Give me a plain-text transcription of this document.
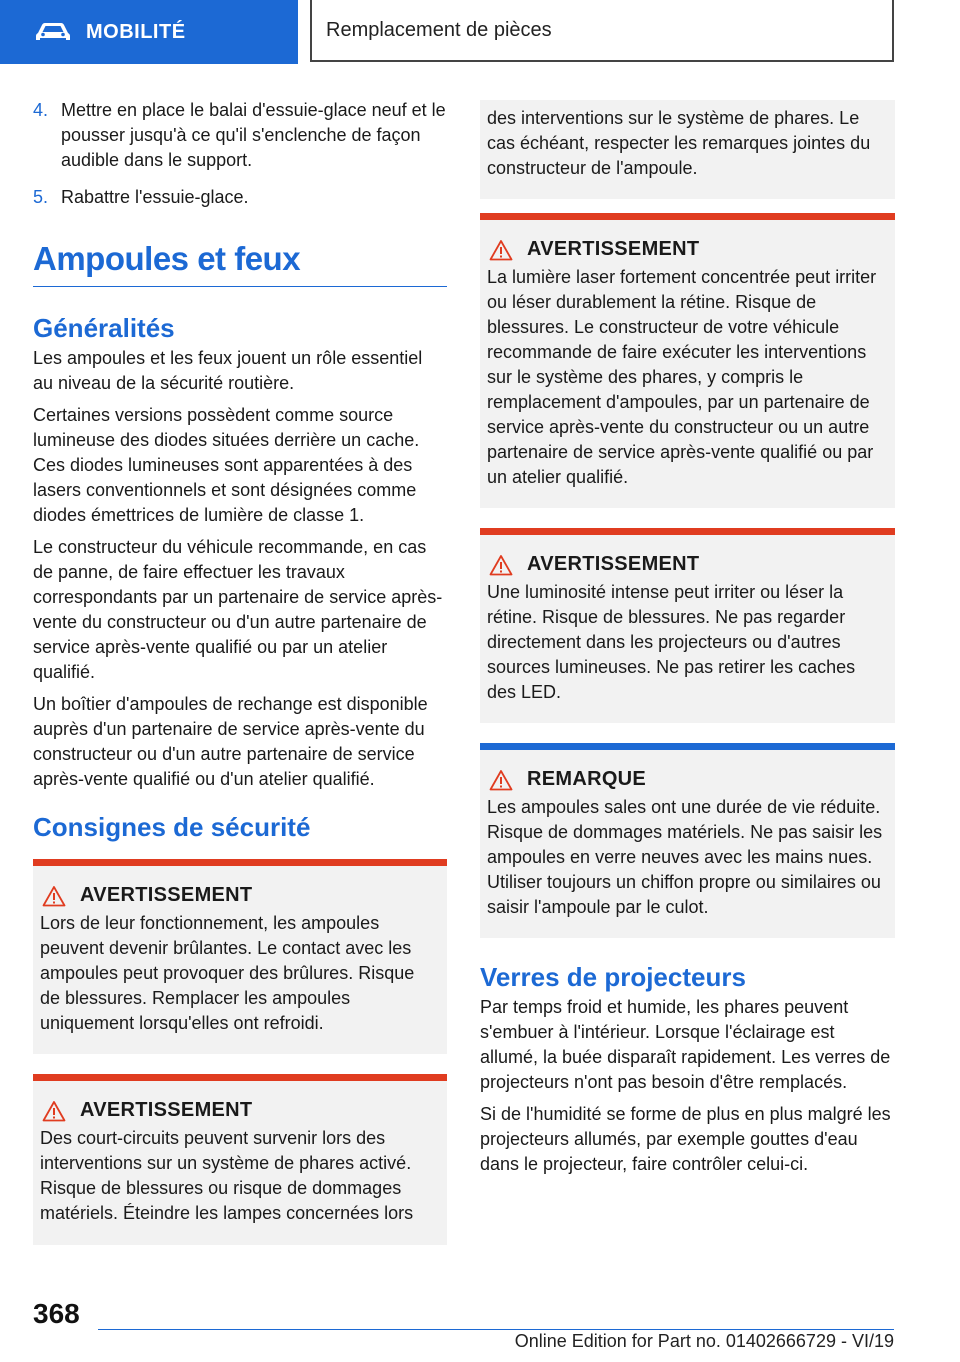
MOBILITÉ	Remplacement de pièces
4. Mettre en place le balai d'essuie-glace neuf et le pousser jusqu'à ce qu'il s'enclenche de façon audible dans le support.
5. Rabattre l'essuie-glace.
Ampoules et feux
Généralités

Les ampoules et les feux jouent un rôle essentiel au niveau de la sécurité routière.

Certaines versions possèdent comme source lumineuse des diodes situées derrière un cache. Ces diodes lumineuses sont apparentées à des lasers conventionnels et sont désignées comme diodes émettrices de lumière de classe 1.

Le constructeur du véhicule recommande, en cas de panne, de faire effectuer les travaux correspondants par un partenaire de service après-vente du constructeur ou d'un autre partenaire de service après-vente qualifié ou par un atelier qualifié.

Un boîtier d'ampoules de rechange est disponible auprès d'un partenaire de service après-vente du constructeur ou d'un autre partenaire de service après-vente qualifié ou d'un atelier qualifié.

Consignes de sécurité
AVERTISSEMENT

Lors de leur fonctionnement, les ampoules peuvent devenir brûlantes. Le contact avec les ampoules peut provoquer des brûlures. Risque de blessures. Remplacer les ampoules uniquement lorsqu'elles ont refroidi.

AVERTISSEMENT

Des court-circuits peuvent survenir lors des interventions sur un système de phares activé. Risque de blessures ou risque de dommages matériels. Éteindre les lampes concernées lors

des interventions sur le système de phares. Le cas échéant, respecter les remarques jointes du constructeur de l'ampoule.

AVERTISSEMENT

La lumière laser fortement concentrée peut irriter ou léser durablement la rétine. Risque de blessures. Le constructeur de votre véhicule recommande de faire exécuter les interventions sur le système des phares, y compris le remplacement d'ampoules, par un partenaire de service après-vente du constructeur ou un autre partenaire de service après-vente qualifié ou par un atelier qualifié.

AVERTISSEMENT

Une luminosité intense peut irriter ou léser la rétine. Risque de blessures. Ne pas regarder directement dans les projecteurs ou d'autres sources lumineuses. Ne pas retirer les caches des LED.

REMARQUE

Les ampoules sales ont une durée de vie réduite. Risque de dommages matériels. Ne pas saisir les ampoules en verre neuves avec les mains nues. Utiliser toujours un chiffon propre ou similaires ou saisir l'ampoule par le culot.

Verres de projecteurs

Par temps froid et humide, les phares peuvent s'embuer à l'intérieur. Lorsque l'éclairage est allumé, la buée disparaît rapidement. Les verres de projecteurs n'ont pas besoin d'être remplacés.

Si de l'humidité se forme de plus en plus malgré les projecteurs allumés, par exemple gouttes d'eau dans le projecteur, faire contrôler celui-ci.

368
Online Edition for Part no. 01402666729 - VI/19
